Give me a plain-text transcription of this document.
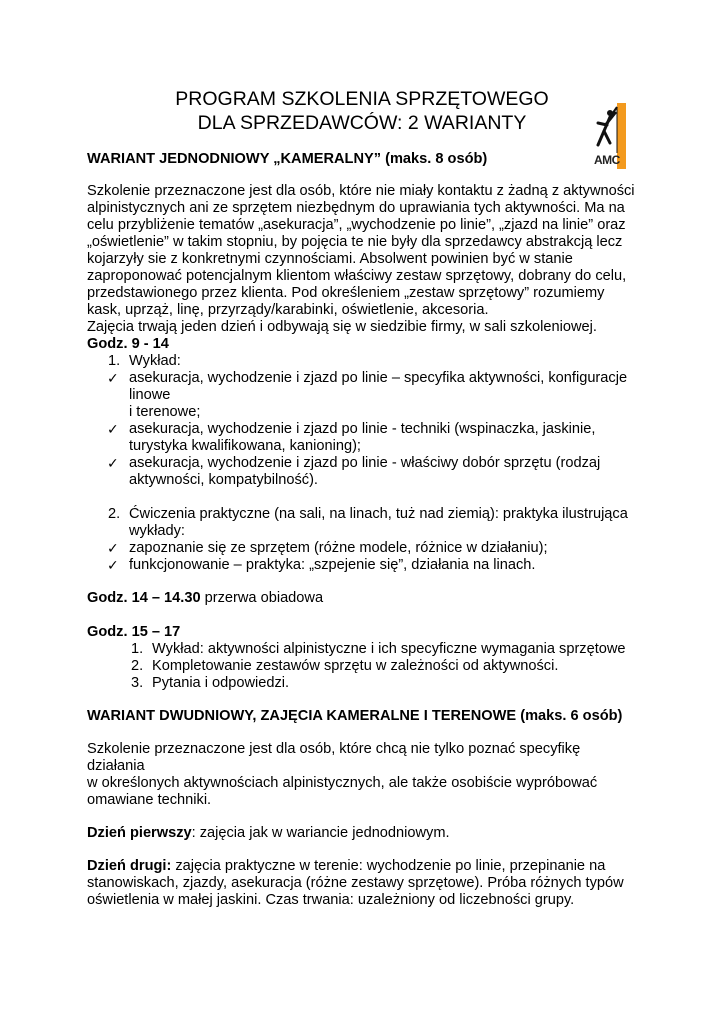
PROGRAM SZKOLENIA SPRZĘTOWEGO
DLA SPRZEDAWCÓW: 2 WARIANTY
AMC
WARIANT JEDNODNIOWY „KAMERALNY” (maks. 8 osób)
Szkolenie przeznaczone jest dla osób, które nie miały kontaktu z żadną z aktywności
alpinistycznych ani ze sprzętem niezbędnym do uprawiania tych aktywności. Ma na
celu przybliżenie tematów „asekuracja”, „wychodzenie po linie”, „zjazd na linie” oraz
„oświetlenie” w takim stopniu, by pojęcia te nie były dla sprzedawcy abstrakcją lecz
kojarzyły sie z konkretnymi czynnościami. Absolwent powinien być w stanie
zaproponować potencjalnym klientom właściwy zestaw sprzętowy, dobrany do celu,
przedstawionego przez klienta. Pod określeniem „zestaw sprzętowy” rozumiemy
kask, uprząż, linę, przyrządy/karabinki, oświetlenie, akcesoria.
Zajęcia trwają jeden dzień i odbywają się w siedzibie firmy, w sali szkoleniowej.
Godz. 9 - 14
1. Wykład:
✓ asekuracja, wychodzenie i zjazd po linie – specyfika aktywności, konfiguracje
linowe
i terenowe;
✓ asekuracja, wychodzenie i zjazd po linie - techniki (wspinaczka, jaskinie,
turystyka kwalifikowana, kanioning);
✓ asekuracja, wychodzenie i zjazd po linie - właściwy dobór sprzętu (rodzaj
aktywności, kompatybilność).
2. Ćwiczenia praktyczne (na sali, na linach, tuż nad ziemią): praktyka ilustrująca
wykłady:
✓ zapoznanie się ze sprzętem (różne modele, różnice w działaniu);
✓ funkcjonowanie – praktyka: „szpejenie się”, działania na linach.
Godz. 14 – 14.30 przerwa obiadowa
Godz. 15 – 17
1. Wykład: aktywności alpinistyczne i ich specyficzne wymagania sprzętowe
2. Kompletowanie zestawów sprzętu w zależności od aktywności.
3. Pytania i odpowiedzi.
WARIANT DWUDNIOWY, ZAJĘCIA KAMERALNE I TERENOWE (maks. 6 osób)
Szkolenie przeznaczone jest dla osób, które chcą nie tylko poznać specyfikę
działania
w określonych aktywnościach alpinistycznych, ale także osobiście wypróbować
omawiane techniki.
Dzień pierwszy: zajęcia jak w wariancie jednodniowym.
Dzień drugi: zajęcia praktyczne w terenie: wychodzenie po linie, przepinanie na
stanowiskach, zjazdy, asekuracja (różne zestawy sprzętowe). Próba różnych typów
oświetlenia w małej jaskini. Czas trwania: uzależniony od liczebności grupy.
